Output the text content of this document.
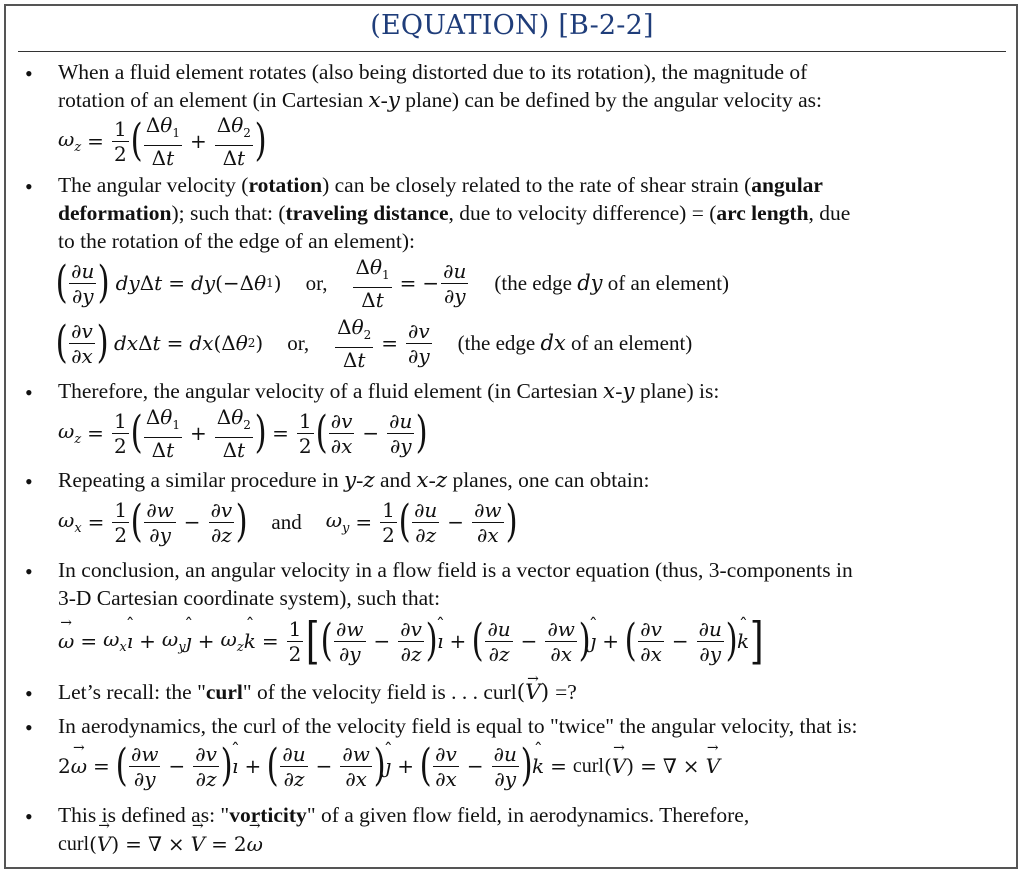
(EQUATION) [B-2-2]
• When a fluid element rotates (also being distorted due to its rotation), the magnitude of
rotation of an element (in Cartesian x-y plane) can be defined by the angular velocity as:
$\omega_z = \frac{1}{2}$ ( $\frac{\Delta\theta_1}{\Delta t} + \frac{\Delta\theta_2}{\Delta t}$ )
• The angular velocity (rotation) can be closely related to the rate of shear strain (angular
deformation); such that: (traveling distance, due to velocity difference) = (arc length, due
to the rotation of the edge of an element):
( $\frac{\partial u}{\partial y}$ ) dy Δ t = dy (−Δ θ 1 ) or, $\frac{\Delta\theta_1}{\Delta t}$ = − $\frac{\partial u}{\partial y} (the$ edge dy of an element)
( $\frac{\partial v}{\partial x}$ ) dx Δ t = dx (Δ θ 2 ) or, $\frac{\Delta\theta_2}{\Delta t} = \frac{\partial v}{\partial y} (the$ edge dx of an element)
• Therefore, the angular velocity of a fluid element (in Cartesian x-y plane) is:
$\omega_z = \frac{1}{2}$ ( $\frac{\Delta\theta_1}{\Delta t} + \frac{\Delta\theta_2}{\Delta t}$ ) = $\frac{1}{2}$ ( $\frac{\partial v}{\partial x} - \frac{\partial u}{\partial y}$ )
• Repeating a similar procedure in y-z and x-z planes, one can obtain:
$\omega_x = \frac{1}{2}$ ( $\frac{\partial w}{\partial y} - \frac{\partial v}{\partial z}$ ) and $\omega_y = \frac{1}{2}$ ( $\frac{\partial u}{\partial z} - \frac{\partial w}{\partial x}$ )
• In conclusion, an angular velocity in a flow field is a vector equation (thus, 3-components in
3-D Cartesian coordinate system), such that:
→ $\omega = \omega_x$ ˆ ı + $\omega_y$ ˆ ȷ + $\omega_z$ ˆ $k = \frac{1}{2}$ [ ( $\frac{\partial w}{\partial y} - \frac{\partial v}{\partial z}$ ) ˆ ı + ( $\frac{\partial u}{\partial z} - \frac{\partial w}{\partial x}$ ) ˆ ȷ + ( $\frac{\partial v}{\partial x} - \frac{\partial u}{\partial y}$ ) ˆ k ]
• Let’s recall: the "curl" of the velocity field is . . . curl(→ V) =?
• In aerodynamics, the curl of the velocity field is equal to "twice" the angular velocity, that is:
2 → ω = ( $\frac{\partial w}{\partial y} - \frac{\partial v}{\partial z}$ ) ˆ ı + ( $\frac{\partial u}{\partial z} - \frac{\partial w}{\partial x}$ ) ˆ ȷ + ( $\frac{\partial v}{\partial x} - \frac{\partial u}{\partial y}$ ) ˆ k = curl ( → V ) = ∇ × → V
• This is defined as: "vorticity" of a given flow field, in aerodynamics. Therefore,
curl ( → V ) = ∇ × → V = 2 → ω
